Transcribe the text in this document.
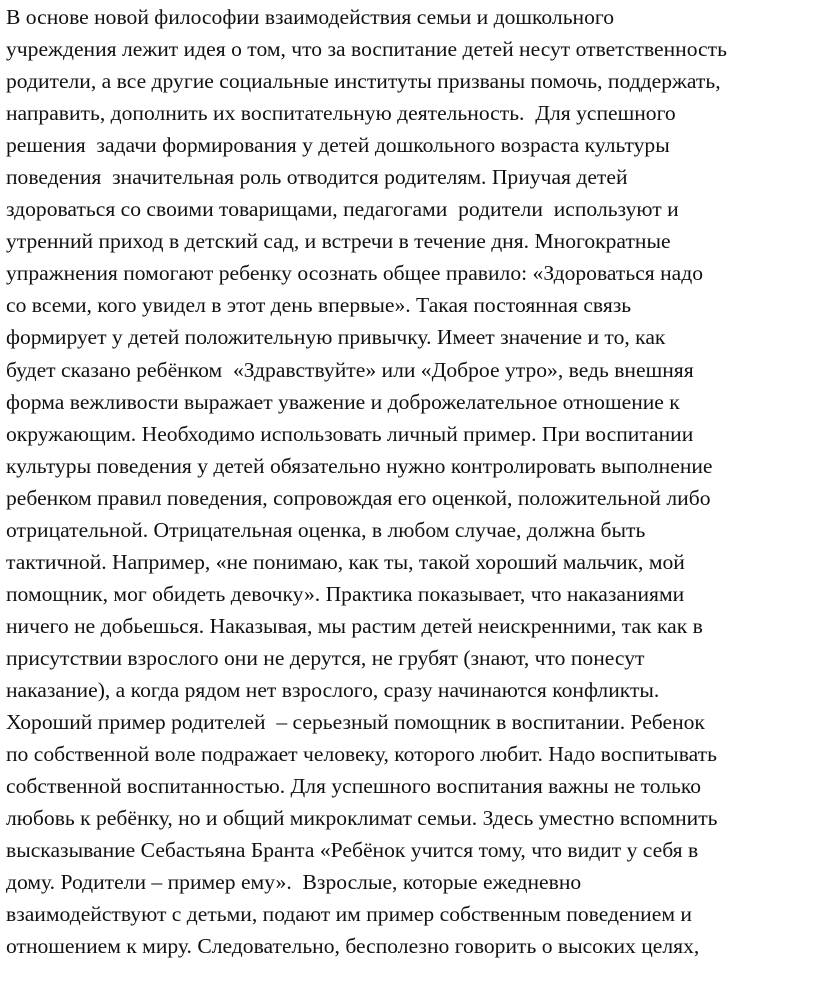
В основе новой философии взаимодействия семьи и дошкольного
учреждения лежит идея о том, что за воспитание детей несут ответственность
родители, а все другие социальные институты призваны помочь, поддержать,
направить, дополнить их воспитательную деятельность.  Для успешного
решения  задачи формирования у детей дошкольного возраста культуры
поведения  значительная роль отводится родителям. Приучая детей
здороваться со своими товарищами, педагогами  родители  используют и
утренний приход в детский сад, и встречи в течение дня. Многократные
упражнения помогают ребенку осознать общее правило: «Здороваться надо
со всеми, кого увидел в этот день впервые». Такая постоянная связь
формирует у детей положительную привычку. Имеет значение и то, как
будет сказано ребёнком  «Здравствуйте» или «Доброе утро», ведь внешняя
форма вежливости выражает уважение и доброжелательное отношение к
окружающим. Необходимо использовать личный пример. При воспитании
культуры поведения у детей обязательно нужно контролировать выполнение
ребенком правил поведения, сопровождая его оценкой, положительной либо
отрицательной. Отрицательная оценка, в любом случае, должна быть
тактичной. Например, «не понимаю, как ты, такой хороший мальчик, мой
помощник, мог обидеть девочку». Практика показывает, что наказаниями
ничего не добьешься. Наказывая, мы растим детей неискренними, так как в
присутствии взрослого они не дерутся, не грубят (знают, что понесут
наказание), а когда рядом нет взрослого, сразу начинаются конфликты.
Хороший пример родителей  – серьезный помощник в воспитании. Ребенок
по собственной воле подражает человеку, которого любит. Надо воспитывать
собственной воспитанностью. Для успешного воспитания важны не только
любовь к ребёнку, но и общий микроклимат семьи. Здесь уместно вспомнить
высказывание Себастьяна Бранта «Ребёнок учится тому, что видит у себя в
дому. Родители – пример ему».  Взрослые, которые ежедневно
взаимодействуют с детьми, подают им пример собственным поведением и
отношением к миру. Следовательно, бесполезно говорить о высоких целях,
